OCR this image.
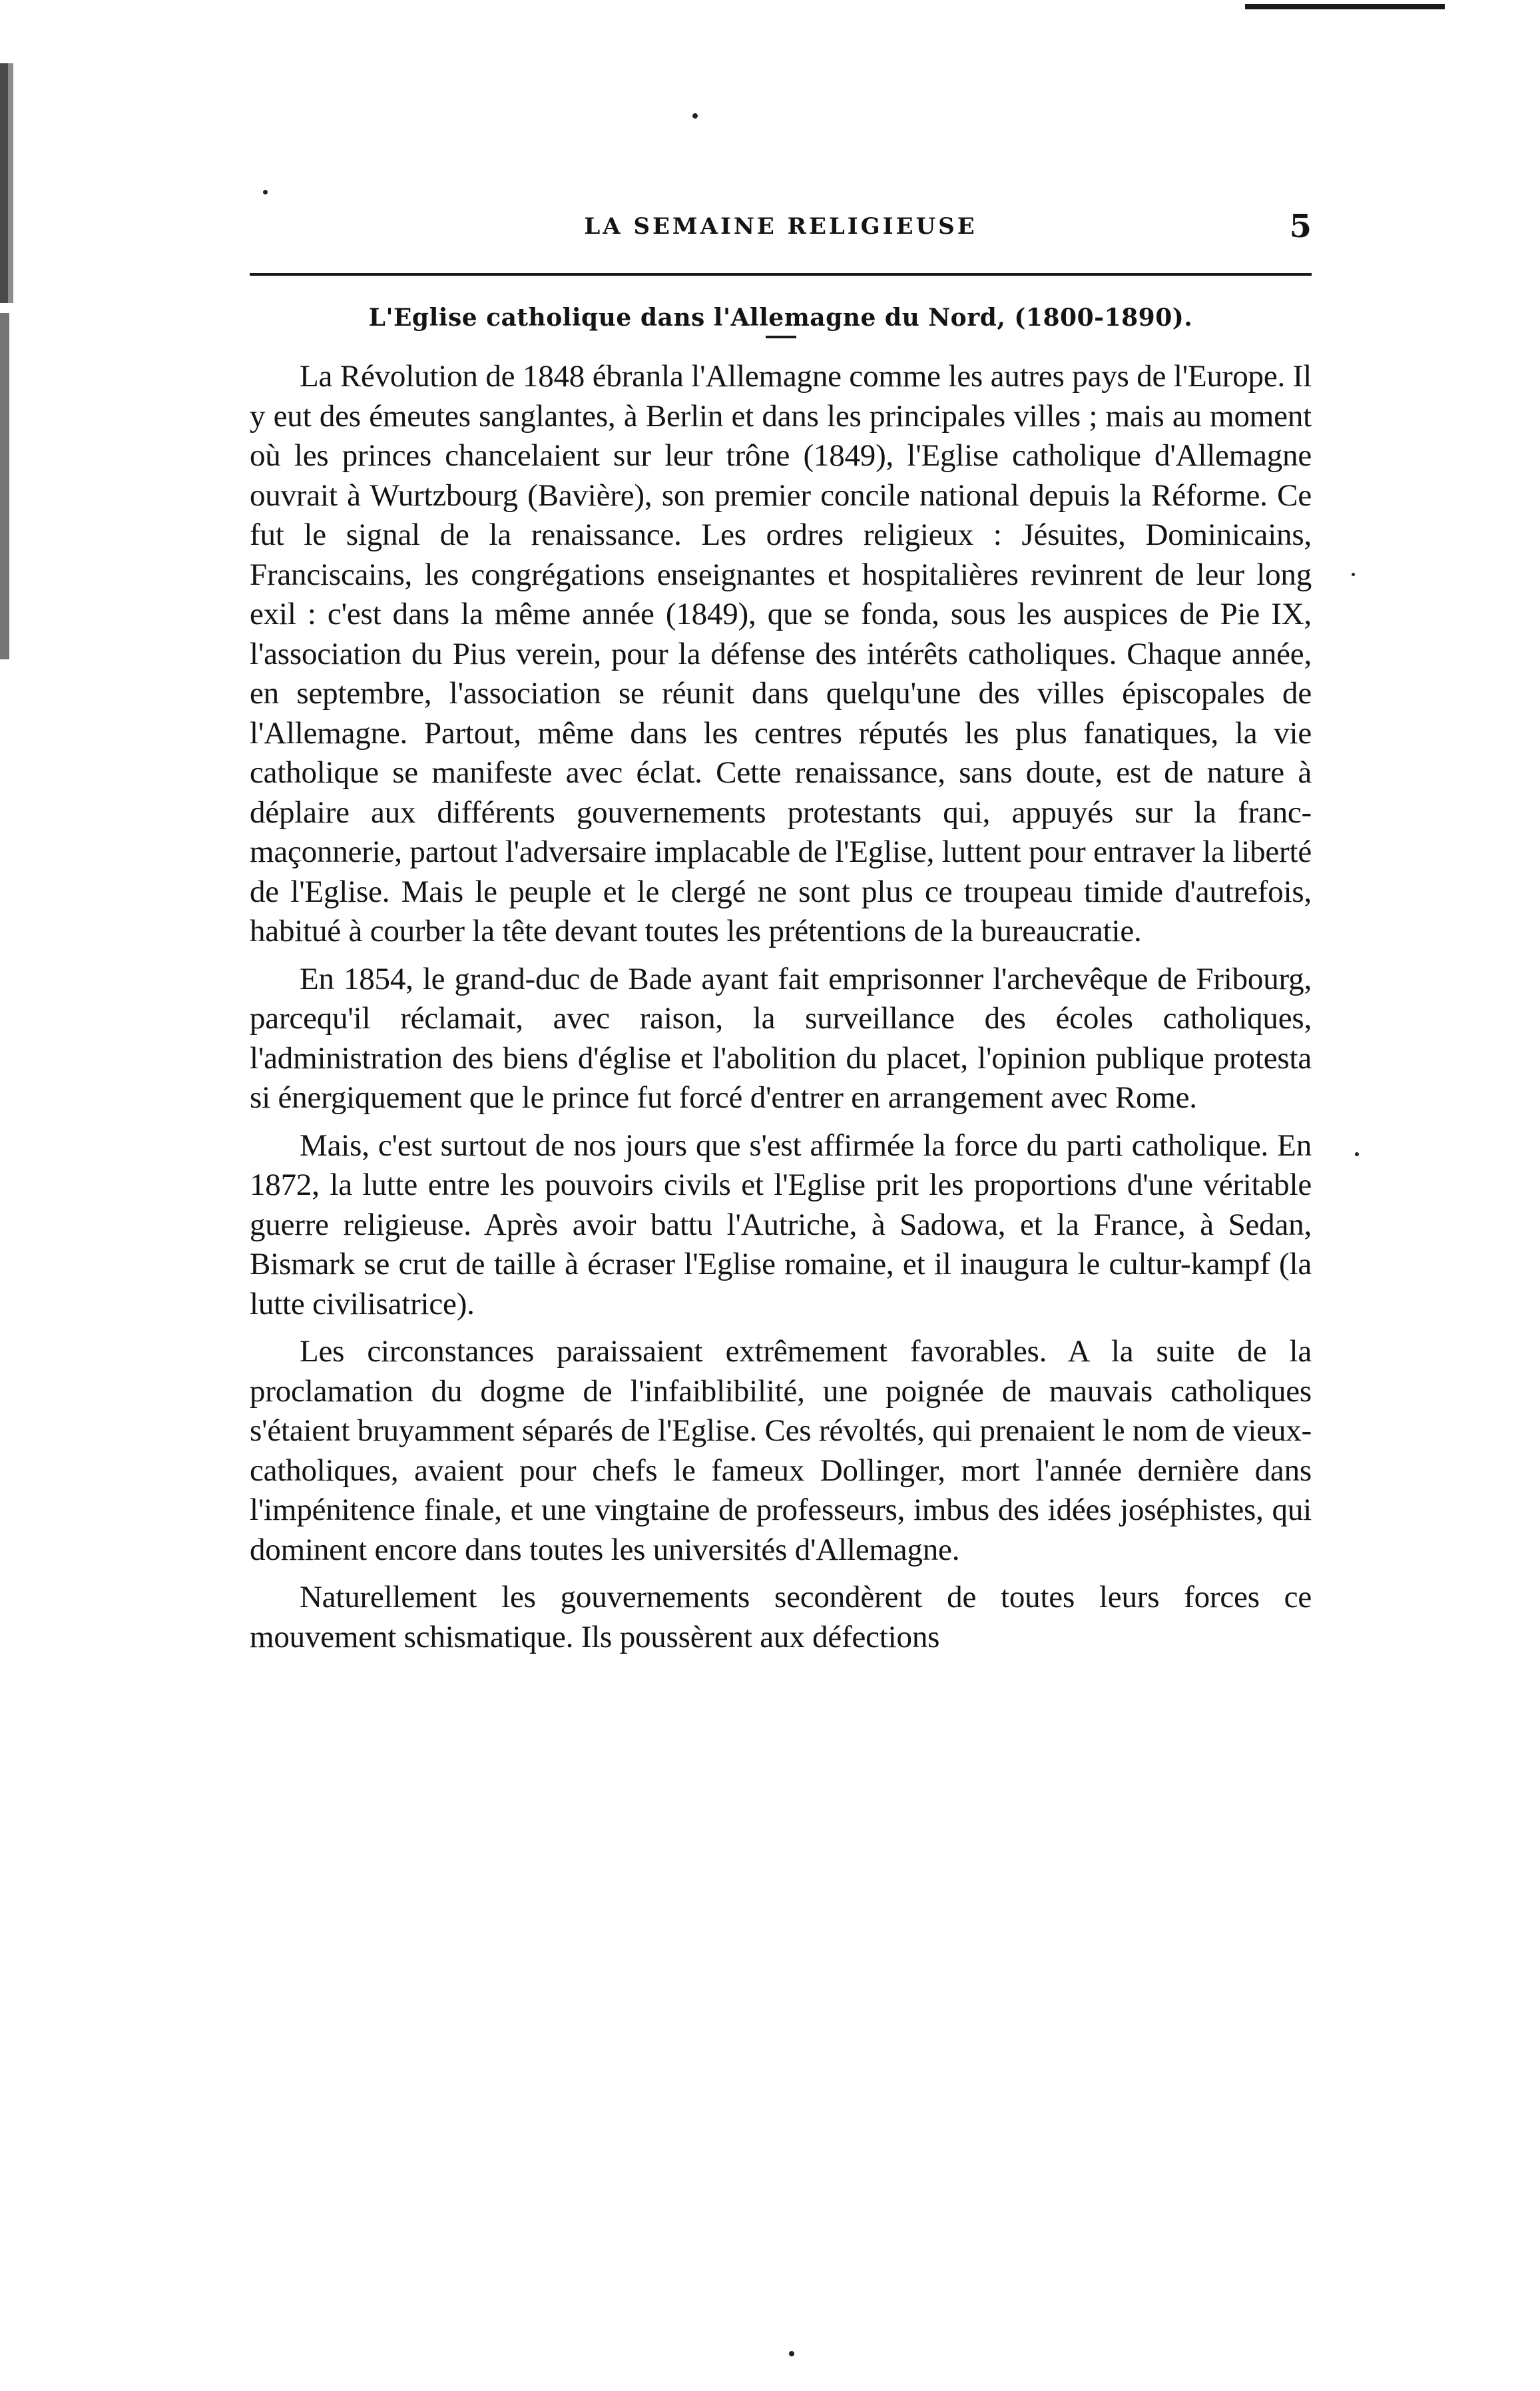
LA SEMAINE RELIGIEUSE	5
L'Eglise catholique dans l'Allemagne du Nord, (1800-1890).

La Révolution de 1848 ébranla l'Allemagne comme les autres pays de l'Europe. Il y eut des émeutes sanglantes, à Berlin et dans les principales villes ; mais au moment où les princes chancelaient sur leur trône (1849), l'Eglise catholique d'Allemagne ouvrait à Wurtzbourg (Bavière), son premier concile national depuis la Réforme. Ce fut le signal de la renaissance. Les ordres religieux : Jésuites, Dominicains, Franciscains, les congrégations enseignantes et hospitalières revinrent de leur long exil : c'est dans la même année (1849), que se fonda, sous les auspices de Pie IX, l'association du Pius verein, pour la défense des intérêts catholiques. Chaque année, en septembre, l'association se réunit dans quelqu'une des villes épiscopales de l'Allemagne. Partout, même dans les centres réputés les plus fanatiques, la vie catholique se manifeste avec éclat. Cette renaissance, sans doute, est de nature à déplaire aux différents gouvernements protestants qui, appuyés sur la franc-maçonnerie, partout l'adversaire implacable de l'Eglise, luttent pour entraver la liberté de l'Eglise. Mais le peuple et le clergé ne sont plus ce troupeau timide d'autrefois, habitué à courber la tête devant toutes les prétentions de la bureaucratie.

En 1854, le grand-duc de Bade ayant fait emprisonner l'archevêque de Fribourg, parcequ'il réclamait, avec raison, la surveillance des écoles catholiques, l'administration des biens d'église et l'abolition du placet, l'opinion publique protesta si énergiquement que le prince fut forcé d'entrer en arrangement avec Rome.

Mais, c'est surtout de nos jours que s'est affirmée la force du parti catholique. En 1872, la lutte entre les pouvoirs civils et l'Eglise prit les proportions d'une véritable guerre religieuse. Après avoir battu l'Autriche, à Sadowa, et la France, à Sedan, Bismark se crut de taille à écraser l'Eglise romaine, et il inaugura le cultur-kampf (la lutte civilisatrice).

Les circonstances paraissaient extrêmement favorables. A la suite de la proclamation du dogme de l'infaiblibilité, une poignée de mauvais catholiques s'étaient bruyamment séparés de l'Eglise. Ces révoltés, qui prenaient le nom de vieux-catholiques, avaient pour chefs le fameux Dollinger, mort l'année dernière dans l'impénitence finale, et une vingtaine de professeurs, imbus des idées joséphistes, qui dominent encore dans toutes les universités d'Allemagne.

Naturellement les gouvernements secondèrent de toutes leurs forces ce mouvement schismatique. Ils poussèrent aux défections
